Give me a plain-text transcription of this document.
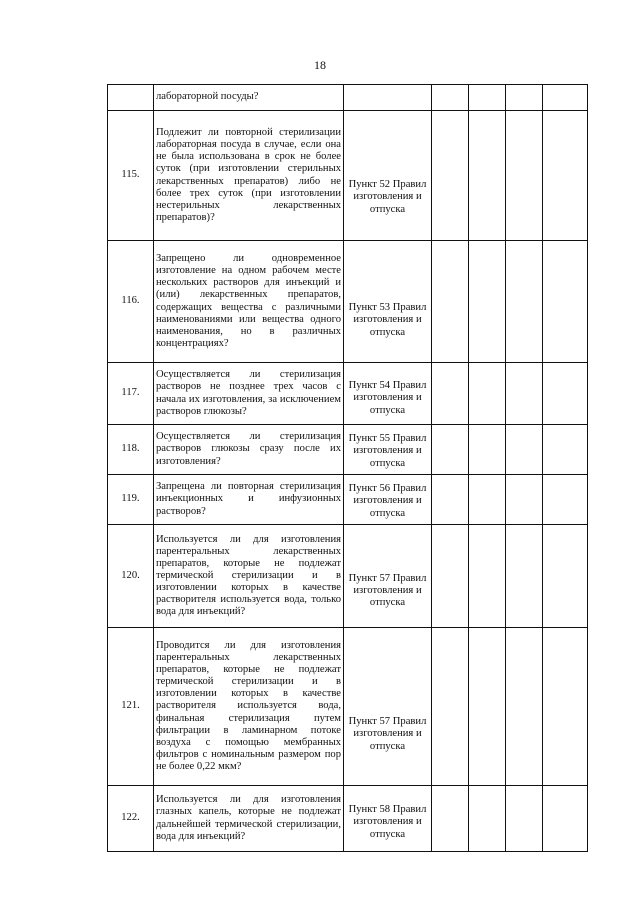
18
	лабораторной посуды?					
115.	Подлежит ли повторной стерилизации лабораторная посуда в случае, если она не была использована в срок не более суток (при изготовлении стерильных лекарственных препаратов) либо не более трех суток (при изготовлении нестерильных лекарственных препаратов)?	Пункт 52 Правил изготовления и отпуска				
116.	Запрещено ли одновременное изготовление на одном рабочем месте нескольких растворов для инъекций и (или) лекарственных препаратов, содержащих вещества с различными наименованиями или вещества одного наименования, но в различных концентрациях?	Пункт 53 Правил изготовления и отпуска				
117.	Осуществляется ли стерилизация растворов не позднее трех часов с начала их изготовления, за исключением растворов глюкозы?	Пункт 54 Правил изготовления и отпуска				
118.	Осуществляется ли стерилизация растворов глюкозы сразу после их изготовления?	Пункт 55 Правил изготовления и отпуска				
119.	Запрещена ли повторная стерилизация инъекционных и инфузионных растворов?	Пункт 56 Правил изготовления и отпуска				
120.	Используется ли для изготовления парентеральных лекарственных препаратов, которые не подлежат термической стерилизации и в изготовлении которых в качестве растворителя используется вода, только вода для инъекций?	Пункт 57 Правил изготовления и отпуска				
121.	Проводится ли для изготовления парентеральных лекарственных препаратов, которые не подлежат термической стерилизации и в изготовлении которых в качестве растворителя используется вода, финальная стерилизация путем фильтрации в ламинарном потоке воздуха с помощью мембранных фильтров с номинальным размером пор не более 0,22 мкм?	Пункт 57 Правил изготовления и отпуска				
122.	Используется ли для изготовления глазных капель, которые не подлежат дальнейшей термической стерилизации, вода для инъекций?	Пункт 58 Правил изготовления и отпуска				
